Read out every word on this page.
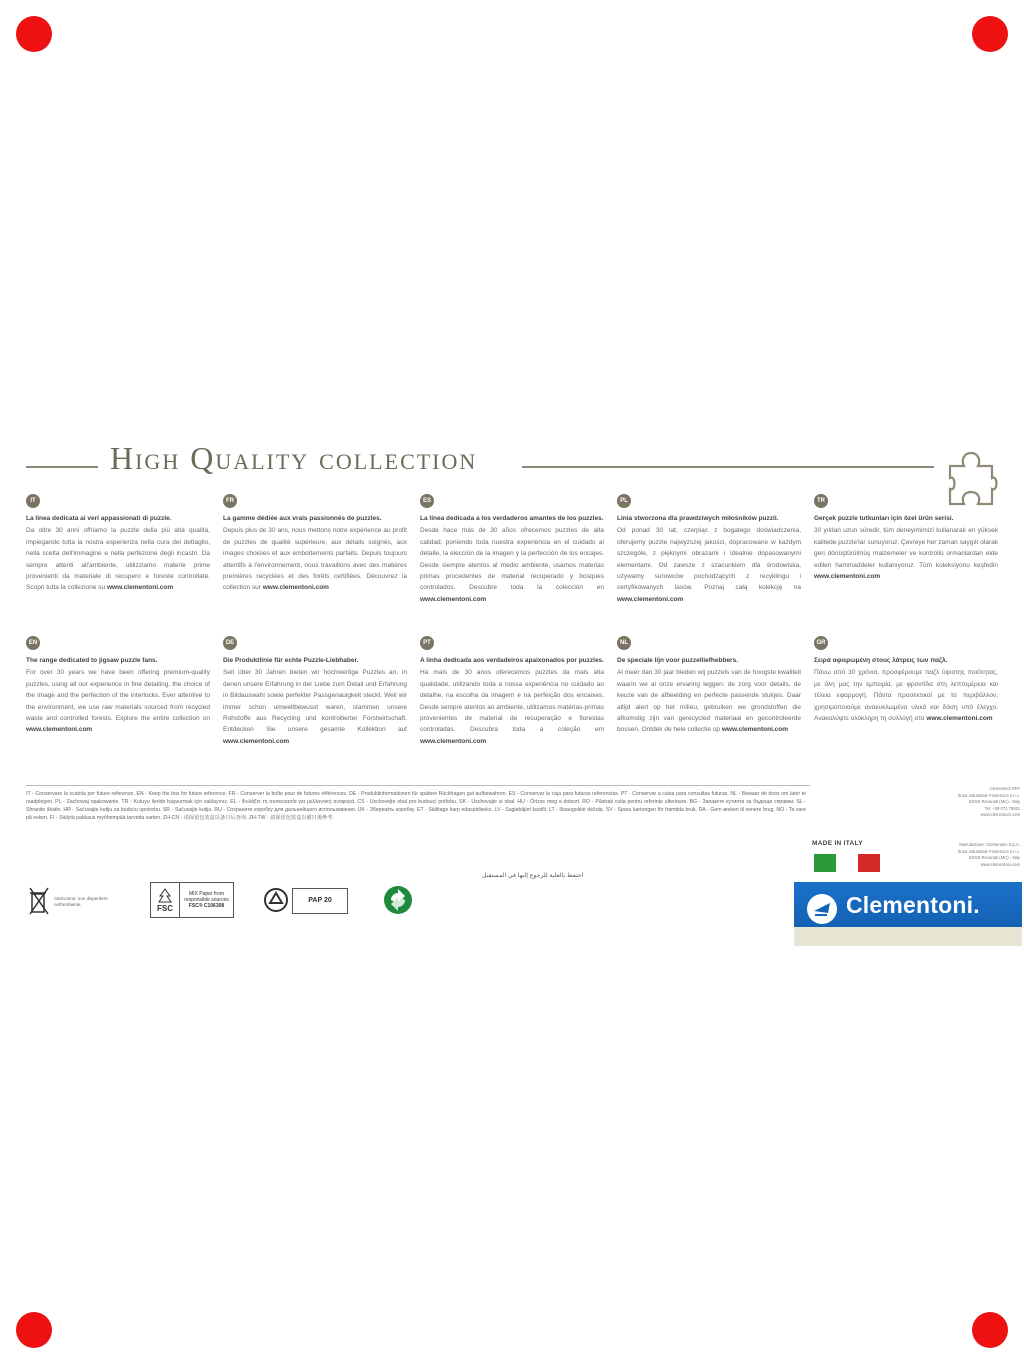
High Quality collection
IT
La linea dedicata ai veri appassionati di puzzle.
Da oltre 30 anni offriamo la puzzle della più alta qualità, impiegando tutta la nostra esperienza nella cura del dettaglio, nella scelta dell'immagine e nella perfezione degli incastri. Da sempre attenti all'ambiente, utilizziamo materie prime provenienti da materiale di recupero e foreste controllate. Scopri tutta la collezione su www.clementoni.com
FR
La gamme dédiée aux vrais passionnés de puzzles.
Depuis plus de 30 ans, nous mettons notre expérience au profit de puzzles de qualité supérieure, aux détails soignés, aux images choisies et aux emboîtements parfaits. Depuis toujours attentifs à l'environnement, nous travaillons avec des matières premières recyclées et des forêts certifiées. Découvrez la collection sur www.clementoni.com
ES
La línea dedicada a los verdaderos amantes de los puzzles.
Desde hace más de 30 años ofrecemos puzzles de alta calidad, poniendo toda nuestra experiencia en el cuidado al detalle, la elección de la imagen y la perfección de los encajes. Desde siempre atentos al medio ambiente, usamos materias primas procedentes de material recuperado y bosques controlados. Descubre toda la colección en www.clementoni.com
PL
Linia stworzona dla prawdziwych miłośników puzzli.
Od ponad 30 lat, czerpiąc z bogatego doświadczenia, oferujemy puzzle najwyższej jakości, dopracowane w każdym szczególe, z pięknymi obrazami i idealnie dopasowanymi elementami. Od zawsze z szacunkiem dla środowiska, używamy surowców pochodzących z recyklingu i certyfikowanych lasów. Poznaj całą kolekcję na www.clementoni.com
TR
Gerçek puzzle tutkunları için özel ürün serisi.
30 yıldan uzun süredir, tüm deneyimimizi kullanarak en yüksek kalitede puzzle'lar sunuyoruz. Çevreye her zaman saygılı olarak geri dönüştürülmüş malzemeler ve kontrollü ormanlardan elde edilen hammaddeler kullanıyoruz. Tüm koleksiyonu keşfedin www.clementoni.com
EN
The range dedicated to jigsaw puzzle fans.
For over 30 years we have been offering premium-quality puzzles, using all our experience in fine detailing, the choice of the image and the perfection of the interlocks. Ever attentive to the environment, we use raw materials sourced from recycled waste and controlled forests. Explore the entire collection on www.clementoni.com
DE
Die Produktlinie für echte Puzzle-Liebhaber.
Seit über 30 Jahren bieten wir hochwertige Puzzles an, in denen unsere Erfahrung in der Liebe zum Detail und Erfahrung in Bildauswahl sowie perfekter Passgenauigkeit steckt. Weil wir immer schon umweltbewusst waren, stammen unsere Rohstoffe aus Recycling und kontrollierter Forstwirtschaft. Entdecken Sie unsere gesamte Kollektion auf www.clementoni.com
PT
A linha dedicada aos verdadeiros apaixonados por puzzles.
Há mais de 30 anos oferecemos puzzles da mais alta qualidade, utilizando toda a nossa experiência no cuidado ao detalhe, na escolha da imagem e na perfeição dos encaixes. Desde sempre atentos ao ambiente, utilizamos matérias-primas provenientes de material de recuperação e florestas controladas. Descubra toda a coleção em www.clementoni.com
NL
De speciale lijn voor puzzelliefhebbers.
Al meer dan 30 jaar bieden wij puzzels van de hoogste kwaliteit waarin we al onze ervaring leggen: de zorg voor details, de keuze van de afbeelding en perfecte passende stukjes. Daar altijd alert op het milieu, gebruiken we grondstoffen die afkomstig zijn van gerecycled materiaal en gecontroleerde bossen. Ontdek de hele collectie op www.clementoni.com
GR
Σειρά αφιερωμένη στους λάτρεις των παζλ.
Πάνω από 30 χρόνια, προσφέρουμε παζλ ύψιστης ποιότητας, με όλη μας την εμπειρία, με φροντίδα στη λεπτομέρεια και τέλεια εφαρμογή. Πάντα προσεκτικοί με το περιβάλλον, χρησιμοποιούμε ανακυκλωμένα υλικά και δάση υπό έλεγχο. Ανακαλύψτε ολόκληρη τη συλλογή στο www.clementoni.com
IT - Conservare la scatola per future referenze. EN - Keep the box for future reference. FR - Conserver la boîte pour de futures références. DE - Produktinformationen für spätere Rückfragen gut aufbewahren. ES - Conservar la caja para futuras referencias. PT - Conservar a caixa para consultas futuras. NL - Bewaar de doos om later te raadplegen. PL - Zachowaj opakowanie. TR - Kutuyu ileride başvurmak için saklayınız. EL - Φυλάξτε τη συσκευασία για μελλοντική αναφορά. CS - Uschovejte obal pro budoucí potřebu. SK - Uschovajte si obal. HU - Őrizze meg a dobozt. RO - Păstrați cutia pentru referințe ulterioare. BG - Запазете кутията за бъдещи справки. SL - Shranite škatlo. HR - Sačuvajte kutiju za buduću upotrebu. SR - Sačuvajte kutiju. RU - Сохраните коробку для дальнейшего использования. UK - Збережіть коробку. ET - Säilitage karp edaspidiseks. LV - Saglabājiet kastīti. LT - Išsaugokite dėžutę. SV - Spara kartongen för framtida bruk. DA - Gem æsken til senere brug. NO - Ta vare på esken. FI - Säilytä pakkaus myöhempää tarvetta varten. ZH-CN - 请保留包装盒以备日后查询. ZH-TW - 請保留包裝盒以備日後參考.
احتفظ بالعلبة للرجوع إليها في المستقبل
Attenzione: non disperdere nell'ambiente.	FSC
MIX Paper from responsible sources
FSC® C106308
PAP 20
Clementoni SPA
Zona Industriale Fontenoce s.n.c.
62019 Recanati (MC) - Italy
Tel. +39 071 75811
www.clementoni.com
MADE IN ITALY	Manufacturer: Clementoni S.p.A.
Zona Industriale Fontenoce s.n.c.
62019 Recanati (MC) - Italy
www.clementoni.com
Clementoni.
